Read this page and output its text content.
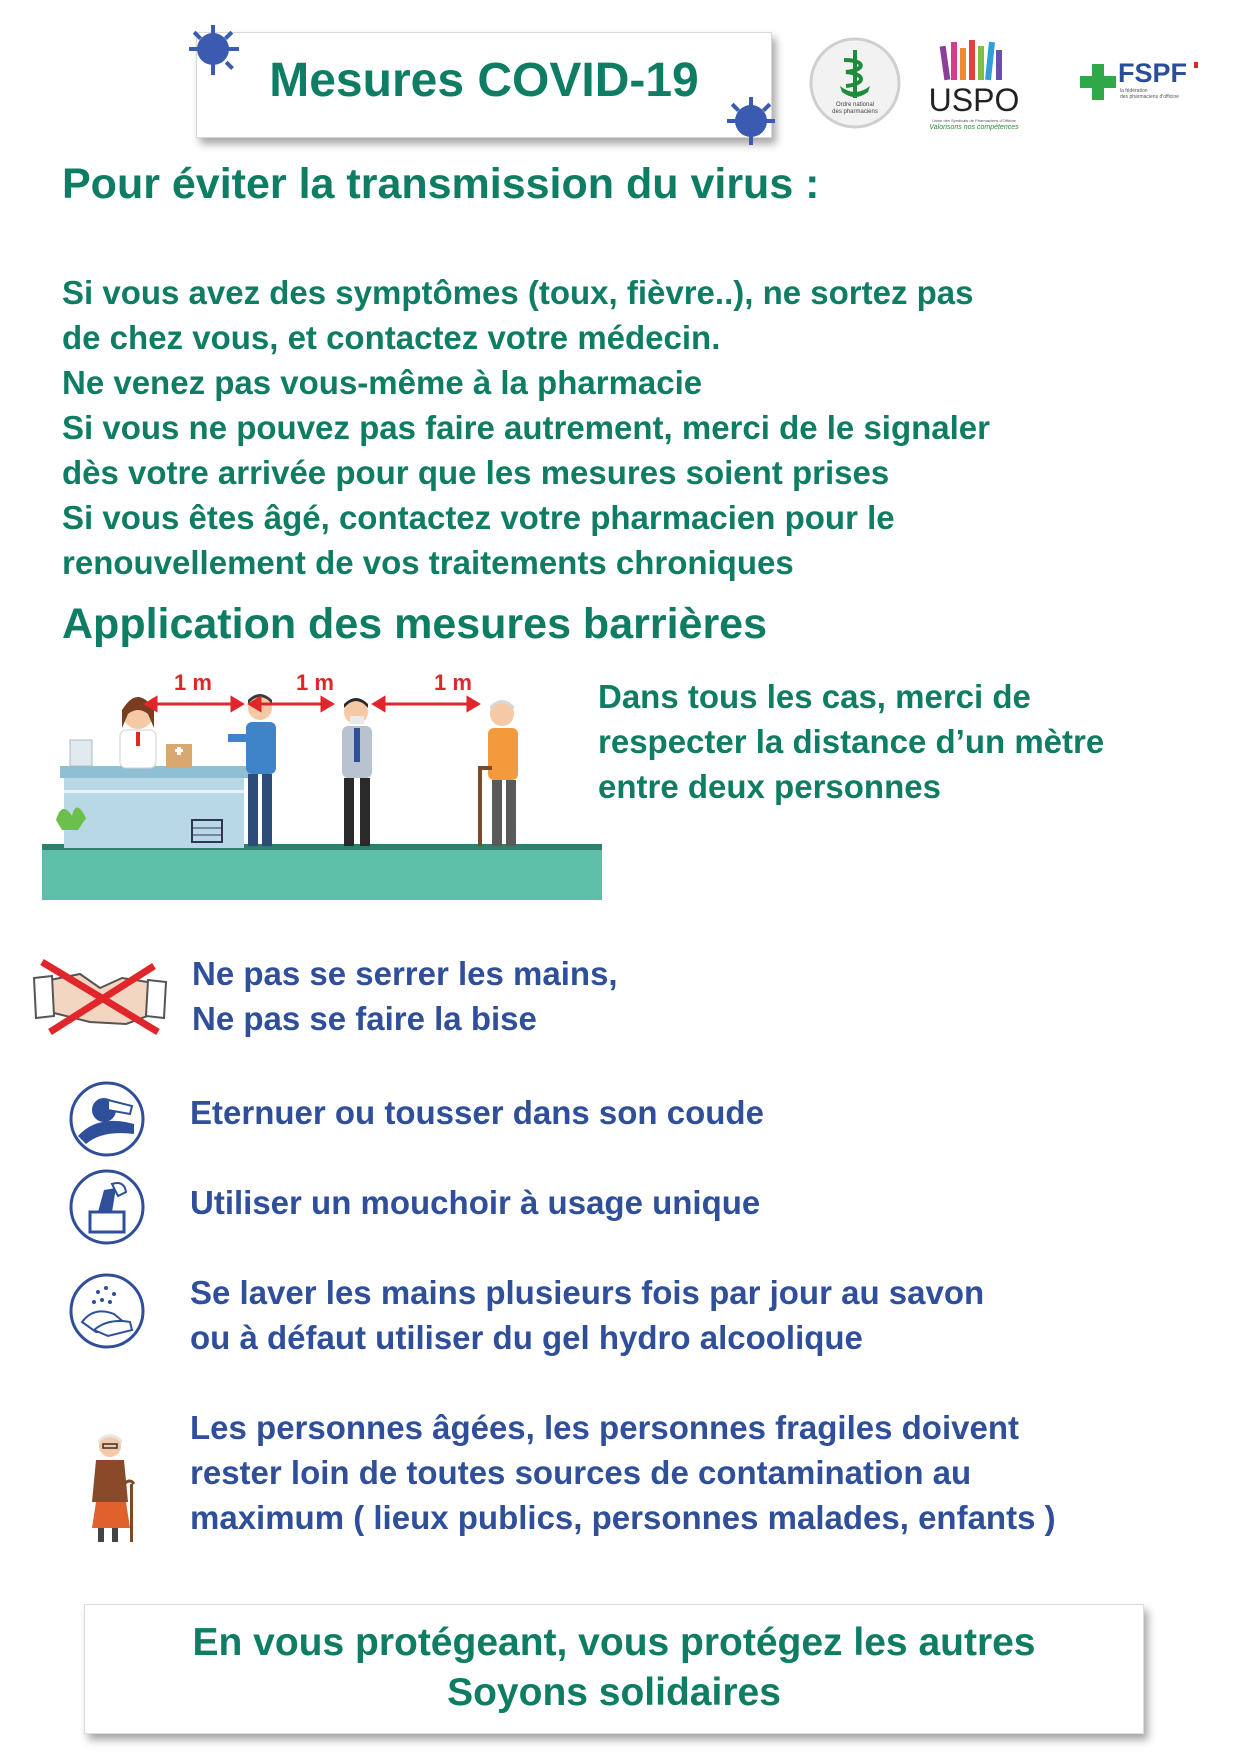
Mesures COVID-19	Ordre national
des pharmaciens	USPO
Union des Syndicats de Pharmaciens d'Officine
Valorisons nos compétences
FSPF
la fédération
des pharmaciens d'officine
Pour éviter la transmission du virus :
Si vous avez des symptômes (toux, fièvre..), ne sortez pas
de chez vous, et contactez votre médecin.
Ne venez pas vous-même à la pharmacie
Si vous ne pouvez pas faire autrement, merci de le signaler
dès votre arrivée pour que les mesures soient prises
Si vous êtes âgé, contactez votre pharmacien pour le
renouvellement de vos traitements chroniques
Application des mesures barrières
1 m	1 m	1 m	Dans tous les cas, merci de
respecter la distance d’un mètre
entre deux personnes
Ne pas se serrer les mains,
Ne pas se faire la bise
Eternuer ou tousser dans son coude
Utiliser un mouchoir à usage unique
Se laver les mains plusieurs fois par jour au savon
ou à défaut utiliser du gel hydro alcoolique
Les personnes âgées, les personnes fragiles doivent
rester loin de toutes sources de contamination au
maximum ( lieux publics, personnes malades, enfants )
En vous protégeant, vous protégez les autres
Soyons solidaires
